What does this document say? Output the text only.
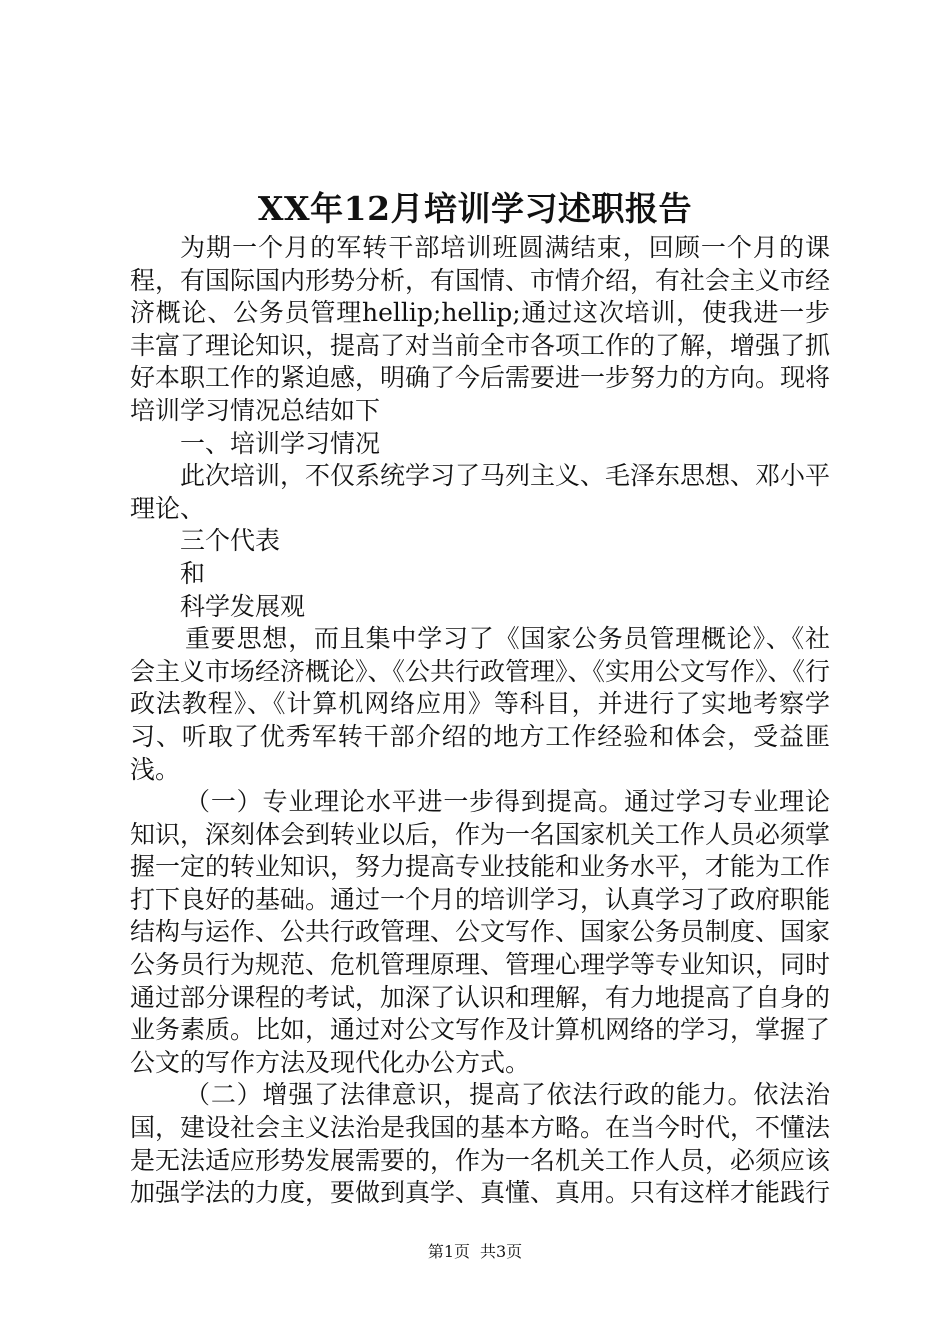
XX年12月培训学习述职报告

为期一个月的军转干部培训班圆满结束，回顾一个月的课程，有国际国内形势分析，有国情、市情介绍，有社会主义市经济概论、公务员管理hellip;hellip;通过这次培训，使我进一步丰富了理论知识，提高了对当前全市各项工作的了解，增强了抓好本职工作的紧迫感，明确了今后需要进一步努力的方向。现将培训学习情况总结如下

一、培训学习情况

此次培训，不仅系统学习了马列主义、毛泽东思想、邓小平理论、

三个代表

和

科学发展观

重要思想，而且集中学习了《国家公务员管理概论》、《社会主义市场经济概论》、《公共行政管理》、《实用公文写作》、《行政法教程》、《计算机网络应用》等科目，并进行了实地考察学习、听取了优秀军转干部介绍的地方工作经验和体会，受益匪浅。

（一）专业理论水平进一步得到提高。通过学习专业理论知识，深刻体会到转业以后，作为一名国家机关工作人员必须掌握一定的转业知识，努力提高专业技能和业务水平，才能为工作打下良好的基础。通过一个月的培训学习，认真学习了政府职能结构与运作、公共行政管理、公文写作、国家公务员制度、国家公务员行为规范、危机管理原理、管理心理学等专业知识，同时通过部分课程的考试，加深了认识和理解，有力地提高了自身的业务素质。比如，通过对公文写作及计算机网络的学习，掌握了公文的写作方法及现代化办公方式。

（二）增强了法律意识，提高了依法行政的能力。依法治国，建设社会主义法治是我国的基本方略。在当今时代，不懂法是无法适应形势发展需要的，作为一名机关工作人员，必须应该加强学法的力度，要做到真学、真懂、真用。只有这样才能践行

第1页 共3页
